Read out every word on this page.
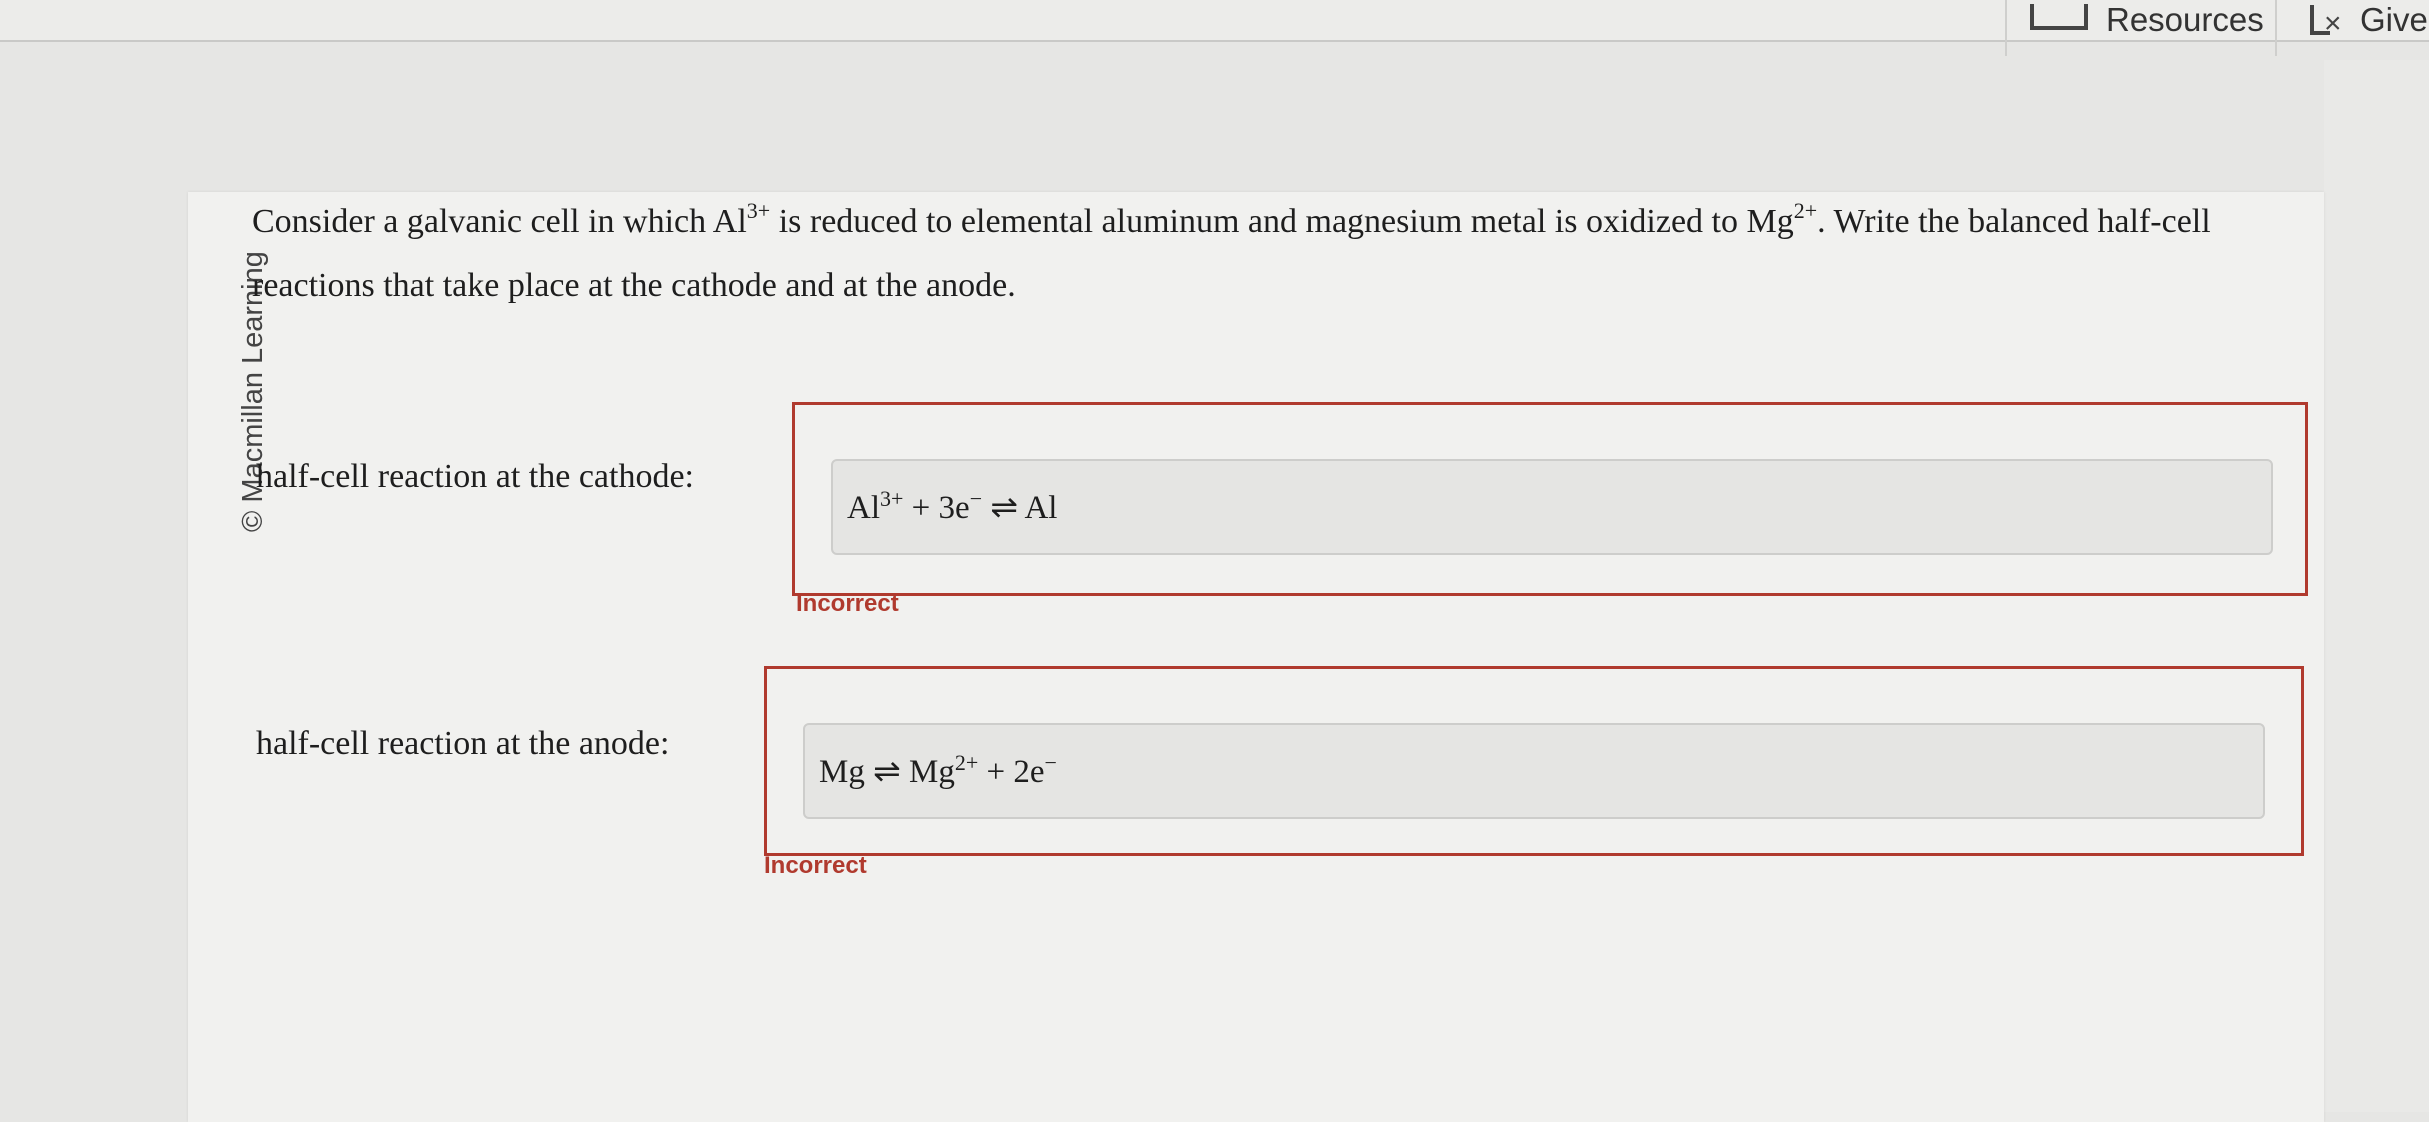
Resources × Give
© Macmillan Learning
Consider a galvanic cell in which $Al^{3+}$ is reduced to elemental aluminum and magnesium metal is oxidized to $Mg^{2+}$. Write the balanced half-cell reactions that take place at the cathode and at the anode.
half-cell reaction at the cathode:
$Al^{3+} + 3e^-$ ⇌ Al
Incorrect
half-cell reaction at the anode:
Mg ⇌ $Mg^{2+} + 2e^-$
Incorrect
